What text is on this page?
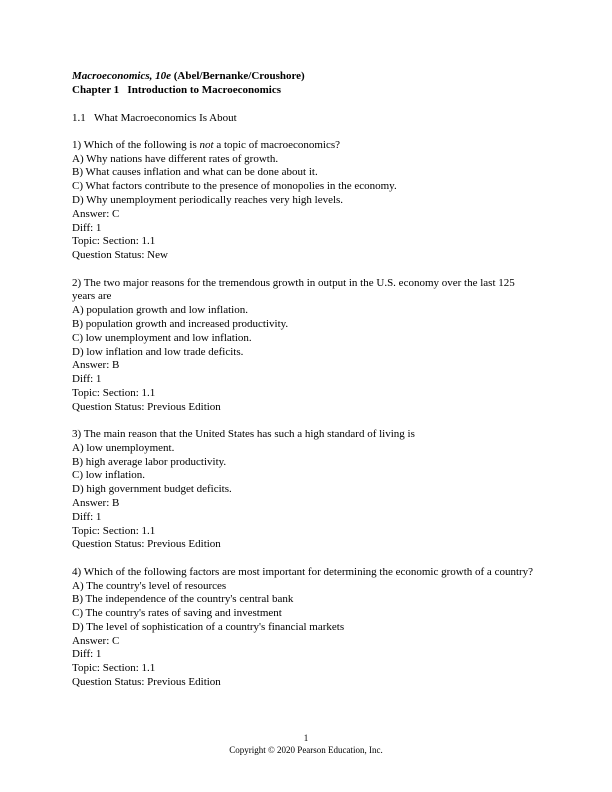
Macroeconomics, 10e (Abel/Bernanke/Croushore)
Chapter 1 Introduction to Macroeconomics
1.1 What Macroeconomics Is About
1) Which of the following is not a topic of macroeconomics?
A) Why nations have different rates of growth.
B) What causes inflation and what can be done about it.
C) What factors contribute to the presence of monopolies in the economy.
D) Why unemployment periodically reaches very high levels.
Answer: C
Diff: 1
Topic: Section: 1.1
Question Status: New
2) The two major reasons for the tremendous growth in output in the U.S. economy over the last 125 years are
A) population growth and low inflation.
B) population growth and increased productivity.
C) low unemployment and low inflation.
D) low inflation and low trade deficits.
Answer: B
Diff: 1
Topic: Section: 1.1
Question Status: Previous Edition
3) The main reason that the United States has such a high standard of living is
A) low unemployment.
B) high average labor productivity.
C) low inflation.
D) high government budget deficits.
Answer: B
Diff: 1
Topic: Section: 1.1
Question Status: Previous Edition
4) Which of the following factors are most important for determining the economic growth of a country?
A) The country's level of resources
B) The independence of the country's central bank
C) The country's rates of saving and investment
D) The level of sophistication of a country's financial markets
Answer: C
Diff: 1
Topic: Section: 1.1
Question Status: Previous Edition
1
Copyright © 2020 Pearson Education, Inc.
